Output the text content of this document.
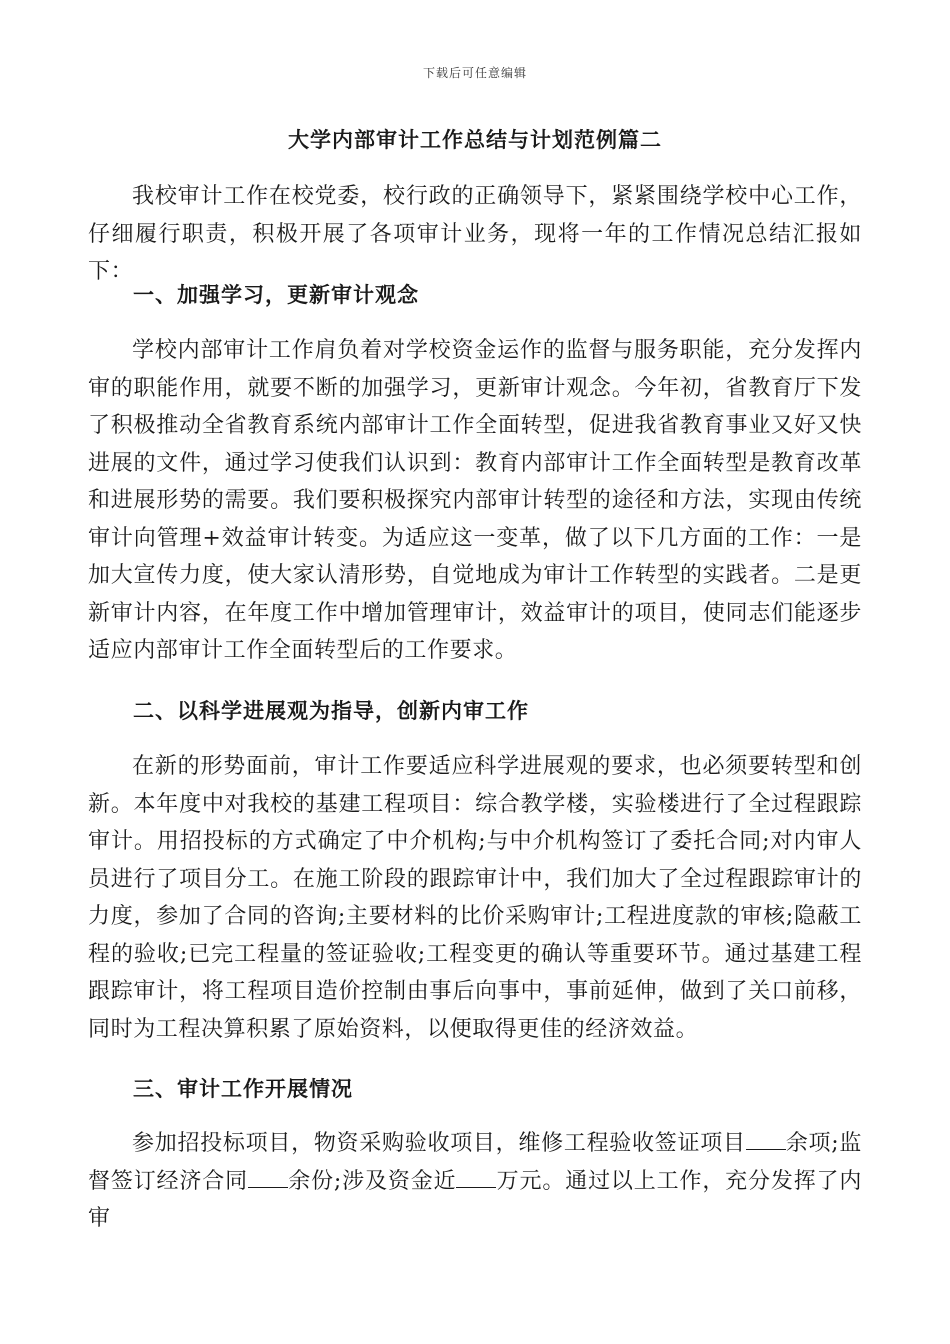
下载后可任意编辑
大学内部审计工作总结与计划范例篇二

我校审计工作在校党委，校行政的正确领导下，紧紧围绕学校中心工作，仔细履行职责，积极开展了各项审计业务，现将一年的工作情况总结汇报如下：

一、加强学习，更新审计观念

学校内部审计工作肩负着对学校资金运作的监督与服务职能，充分发挥内审的职能作用，就要不断的加强学习，更新审计观念。今年初，省教育厅下发了积极推动全省教育系统内部审计工作全面转型，促进我省教育事业又好又快进展的文件，通过学习使我们认识到：教育内部审计工作全面转型是教育改革和进展形势的需要。我们要积极探究内部审计转型的途径和方法，实现由传统审计向管理+效益审计转变。为适应这一变革，做了以下几方面的工作：一是加大宣传力度，使大家认清形势，自觉地成为审计工作转型的实践者。二是更新审计内容，在年度工作中增加管理审计，效益审计的项目，使同志们能逐步适应内部审计工作全面转型后的工作要求。

二、以科学进展观为指导，创新内审工作

在新的形势面前，审计工作要适应科学进展观的要求，也必须要转型和创新。本年度中对我校的基建工程项目：综合教学楼，实验楼进行了全过程跟踪审计。用招投标的方式确定了中介机构;与中介机构签订了委托合同;对内审人员进行了项目分工。在施工阶段的跟踪审计中，我们加大了全过程跟踪审计的力度，参加了合同的咨询;主要材料的比价采购审计;工程进度款的审核;隐蔽工程的验收;已完工程量的签证验收;工程变更的确认等重要环节。通过基建工程跟踪审计，将工程项目造价控制由事后向事中，事前延伸，做到了关口前移，同时为工程决算积累了原始资料，以便取得更佳的经济效益。

三、审计工作开展情况

参加招投标项目，物资采购验收项目，维修工程验收签证项目 余项;监督签订经济合同 余份;涉及资金近 万元。通过以上工作，充分发挥了内审
